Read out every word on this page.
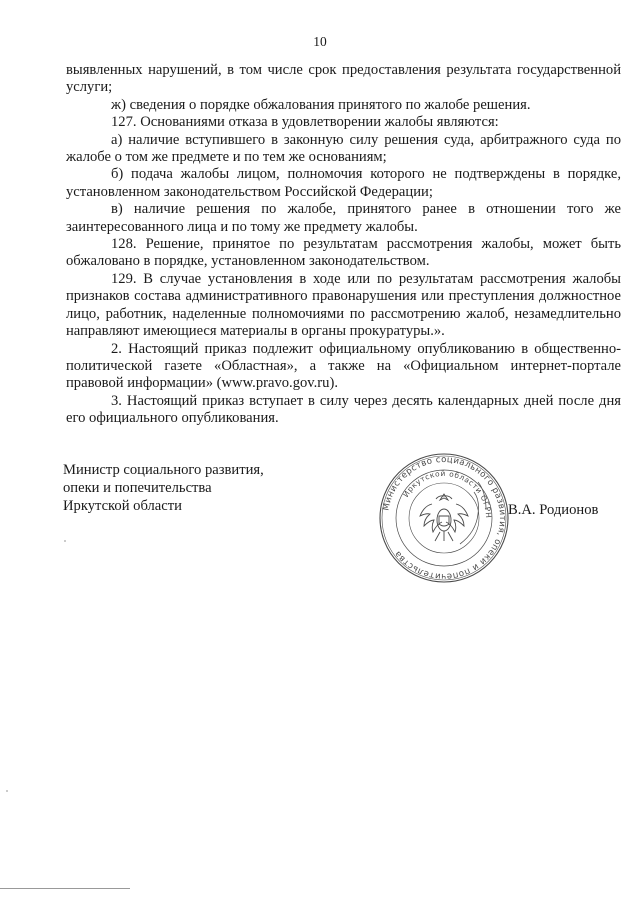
10

выявленных нарушений, в том числе срок предоставления результата государственной услуги;

ж) сведения о порядке обжалования принятого по жалобе решения.

127. Основаниями отказа в удовлетворении жалобы являются:

а) наличие вступившего в законную силу решения суда, арбитражного суда по жалобе о том же предмете и по тем же основаниям;

б) подача жалобы лицом, полномочия которого не подтверждены в порядке, установленном законодательством Российской Федерации;

в) наличие решения по жалобе, принятого ранее в отношении того же заинтересованного лица и по тому же предмету жалобы.

128. Решение, принятое по результатам рассмотрения жалобы, может быть обжаловано в порядке, установленном законодательством.

129. В случае установления в ходе или по результатам рассмотрения жалобы признаков состава административного правонарушения или преступления должностное лицо, работник, наделенные полномочиями по рассмотрению жалоб, незамедлительно направляют имеющиеся материалы в органы прокуратуры.».

2. Настоящий приказ подлежит официальному опубликованию в общественно-политической газете «Областная», а также на «Официальном интернет-портале правовой информации» (www.pravo.gov.ru).

3. Настоящий приказ вступает в силу через десять календарных дней после дня его официального опубликования.

Министр социального развития,
опеки и попечительства
Иркутской области	Министерство социального развития, опеки и попечительства
Иркутской области ОГРН В.А. Родионов
